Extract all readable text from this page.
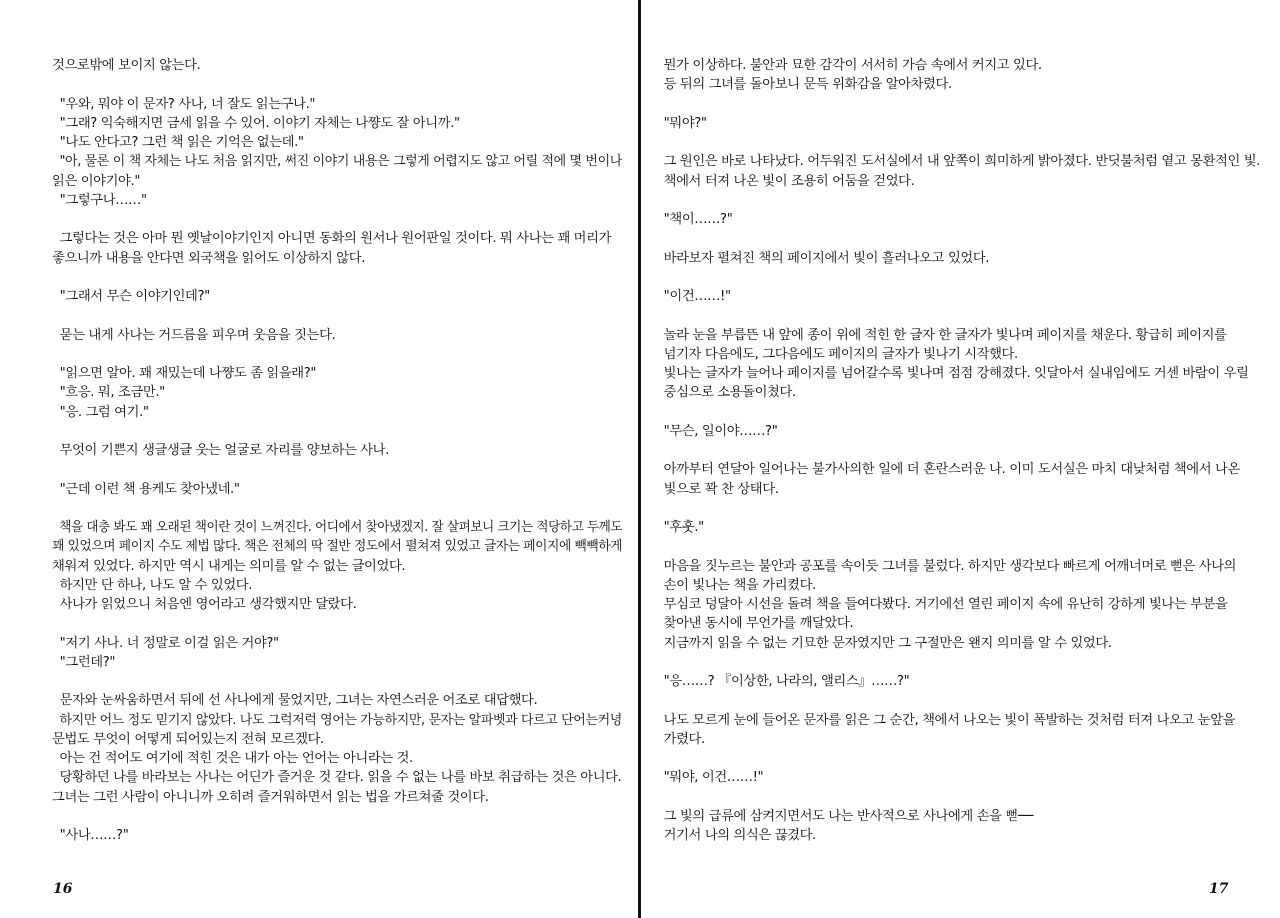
것으로밖에 보이지 않는다.
"우와, 뭐야 이 문자? 사나, 너 잘도 읽는구나."
"그래? 익숙해지면 금세 읽을 수 있어. 이야기 자체는 나쨩도 잘 아니까."
"나도 안다고? 그런 책 읽은 기억은 없는데."
"아, 물론 이 책 자체는 나도 처음 읽지만, 써진 이야기 내용은 그렇게 어렵지도 않고 어릴 적에 몇 번이나
읽은 이야기야."
"그렇구나……"
그렇다는 것은 아마 뭔 옛날이야기인지 아니면 동화의 원서나 원어판일 것이다. 뭐 사나는 꽤 머리가
좋으니까 내용을 안다면 외국책을 읽어도 이상하지 않다.
"그래서 무슨 이야기인데?"
묻는 내게 사나는 거드름을 피우며 웃음을 짓는다.
"읽으면 알아. 꽤 재밌는데 나쨩도 좀 읽을래?"
"흐응. 뭐, 조금만."
"응. 그럼 여기."
무엇이 기쁜지 생글생글 웃는 얼굴로 자리를 양보하는 사나.
"근데 이런 책 용케도 찾아냈네."
책을 대충 봐도 꽤 오래된 책이란 것이 느껴진다. 어디에서 찾아냈겠지. 잘 살펴보니 크기는 적당하고 두께도
꽤 있었으며 페이지 수도 제법 많다. 책은 전체의 딱 절반 정도에서 펼쳐져 있었고 글자는 페이지에 빽빽하게
채워져 있었다. 하지만 역시 내게는 의미를 알 수 없는 글이었다.
하지만 단 하나, 나도 알 수 있었다.
사나가 읽었으니 처음엔 영어라고 생각했지만 달랐다.
"저기 사나. 너 정말로 이걸 읽은 거야?"
"그런데?"
문자와 눈싸움하면서 뒤에 선 사나에게 물었지만, 그녀는 자연스러운 어조로 대답했다.
하지만 어느 정도 믿기지 않았다. 나도 그럭저럭 영어는 가능하지만, 문자는 알파벳과 다르고 단어는커녕
문법도 무엇이 어떻게 되어있는지 전혀 모르겠다.
아는 건 적어도 여기에 적힌 것은 내가 아는 언어는 아니라는 것.
당황하던 나를 바라보는 사나는 어딘가 즐거운 것 같다. 읽을 수 없는 나를 바보 취급하는 것은 아니다.
그녀는 그런 사람이 아니니까 오히려 즐거워하면서 읽는 법을 가르쳐줄 것이다.
"사나……?"
16
뭔가 이상하다. 불안과 묘한 감각이 서서히 가슴 속에서 커지고 있다.
등 뒤의 그녀를 돌아보니 문득 위화감을 알아차렸다.
"뭐야?"
그 원인은 바로 나타났다. 어두워진 도서실에서 내 앞쪽이 희미하게 밝아졌다. 반딧불처럼 옅고 몽환적인 빛.
책에서 터져 나온 빛이 조용히 어둠을 걷었다.
"책이……?"
바라보자 펼쳐진 책의 페이지에서 빛이 흘러나오고 있었다.
"이건……!"
놀라 눈을 부릅뜬 내 앞에 종이 위에 적힌 한 글자 한 글자가 빛나며 페이지를 채운다. 황급히 페이지를
넘기자 다음에도, 그다음에도 페이지의 글자가 빛나기 시작했다.
빛나는 글자가 늘어나 페이지를 넘어갈수록 빛나며 점점 강해졌다. 잇달아서 실내임에도 거센 바람이 우릴
중심으로 소용돌이쳤다.
"무슨, 일이야……?"
아까부터 연달아 일어나는 불가사의한 일에 더 혼란스러운 나. 이미 도서실은 마치 대낮처럼 책에서 나온
빛으로 꽉 찬 상태다.
"후훗."
마음을 짓누르는 불안과 공포를 속이듯 그녀를 불렀다. 하지만 생각보다 빠르게 어깨너머로 뻗은 사나의
손이 빛나는 책을 가리켰다.
무심코 덩달아 시선을 돌려 책을 들여다봤다. 거기에선 열린 페이지 속에 유난히 강하게 빛나는 부분을
찾아낸 동시에 무언가를 깨달았다.
지금까지 읽을 수 없는 기묘한 문자였지만 그 구절만은 왠지 의미를 알 수 있었다.
"응……? 『이상한, 나라의, 앨리스』……?"
나도 모르게 눈에 들어온 문자를 읽은 그 순간, 책에서 나오는 빛이 폭발하는 것처럼 터져 나오고 눈앞을
가렸다.
"뭐야, 이건……!"
그 빛의 급류에 삼켜지면서도 나는 반사적으로 사나에게 손을 뻗──
거기서 나의 의식은 끊겼다.
17
